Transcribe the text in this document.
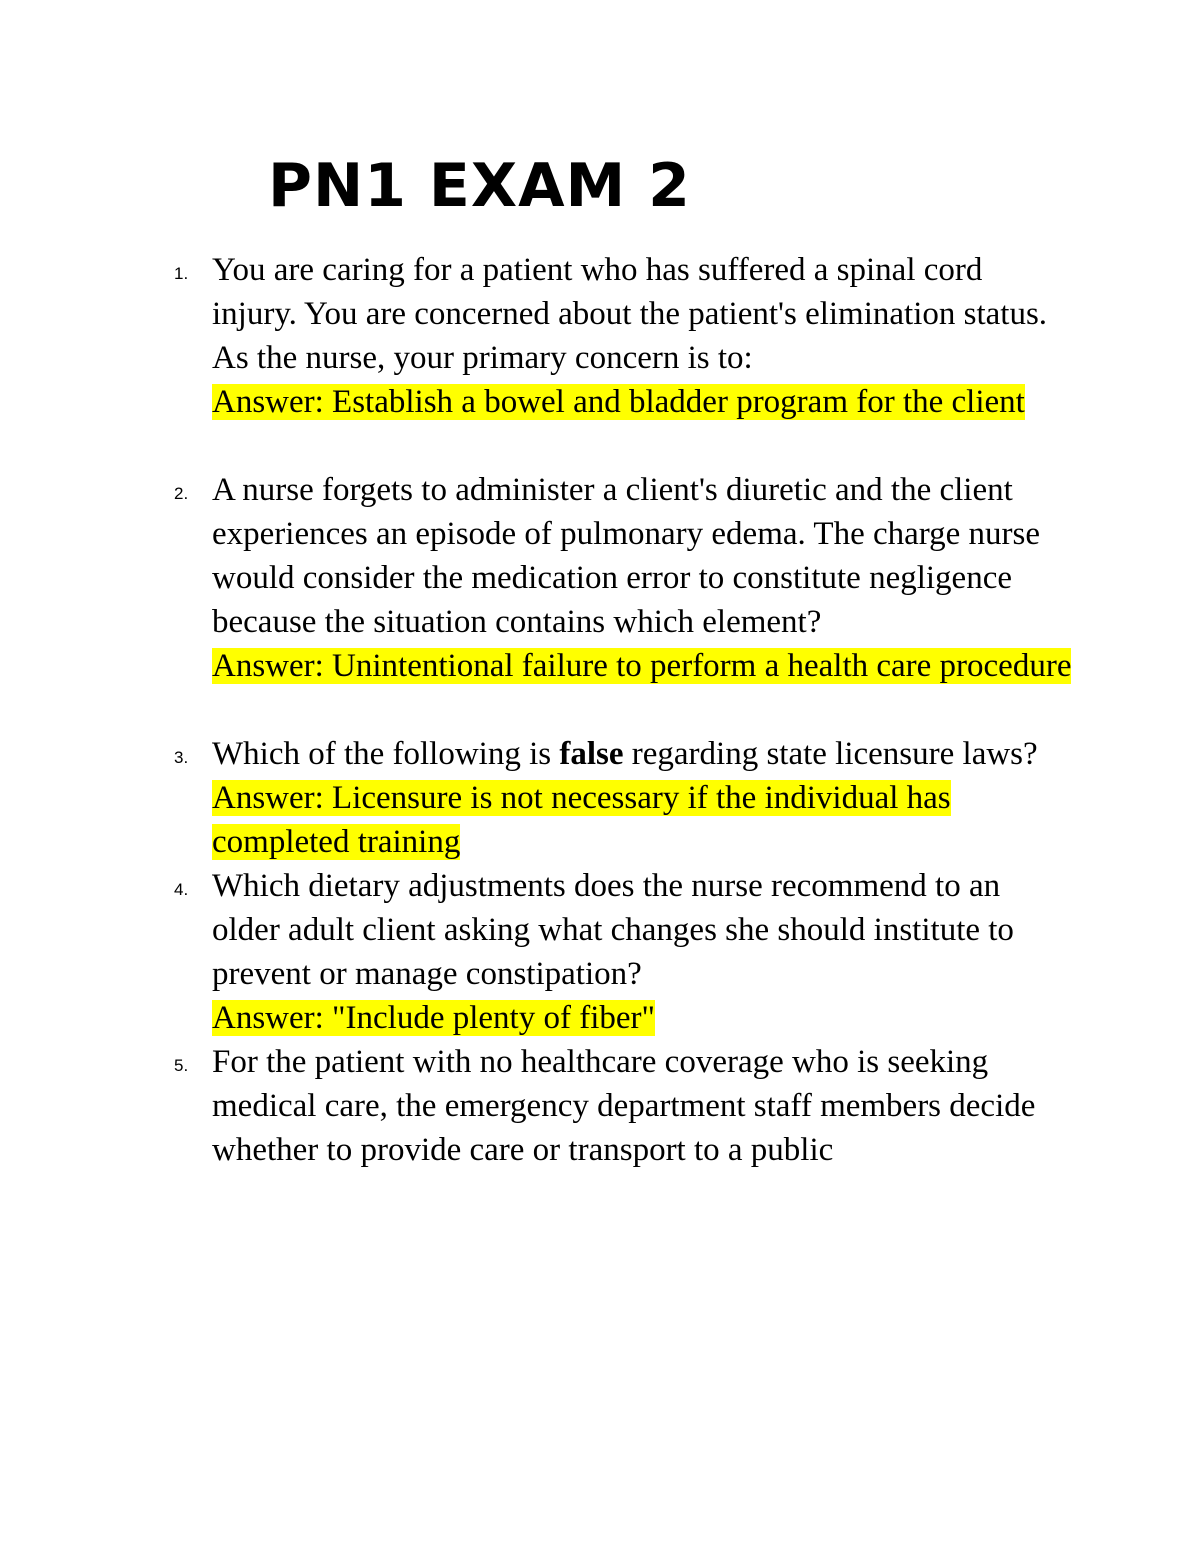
PN1 EXAM 2
1. You are caring for a patient who has suffered a spinal cord injury. You are concerned about the patient's elimination status. As the nurse, your primary concern is to:
Answer: Establish a bowel and bladder program for the client
2. A nurse forgets to administer a client's diuretic and the client experiences an episode of pulmonary edema. The charge nurse would consider the medication error to constitute negligence because the situation contains which element?
Answer: Unintentional failure to perform a health care procedure
3. Which of the following is false regarding state licensure laws?
Answer: Licensure is not necessary if the individual has completed training
4. Which dietary adjustments does the nurse recommend to an older adult client asking what changes she should institute to prevent or manage constipation?
Answer: "Include plenty of fiber"
5. For the patient with no healthcare coverage who is seeking medical care, the emergency department staff members decide whether to provide care or transport to a public
